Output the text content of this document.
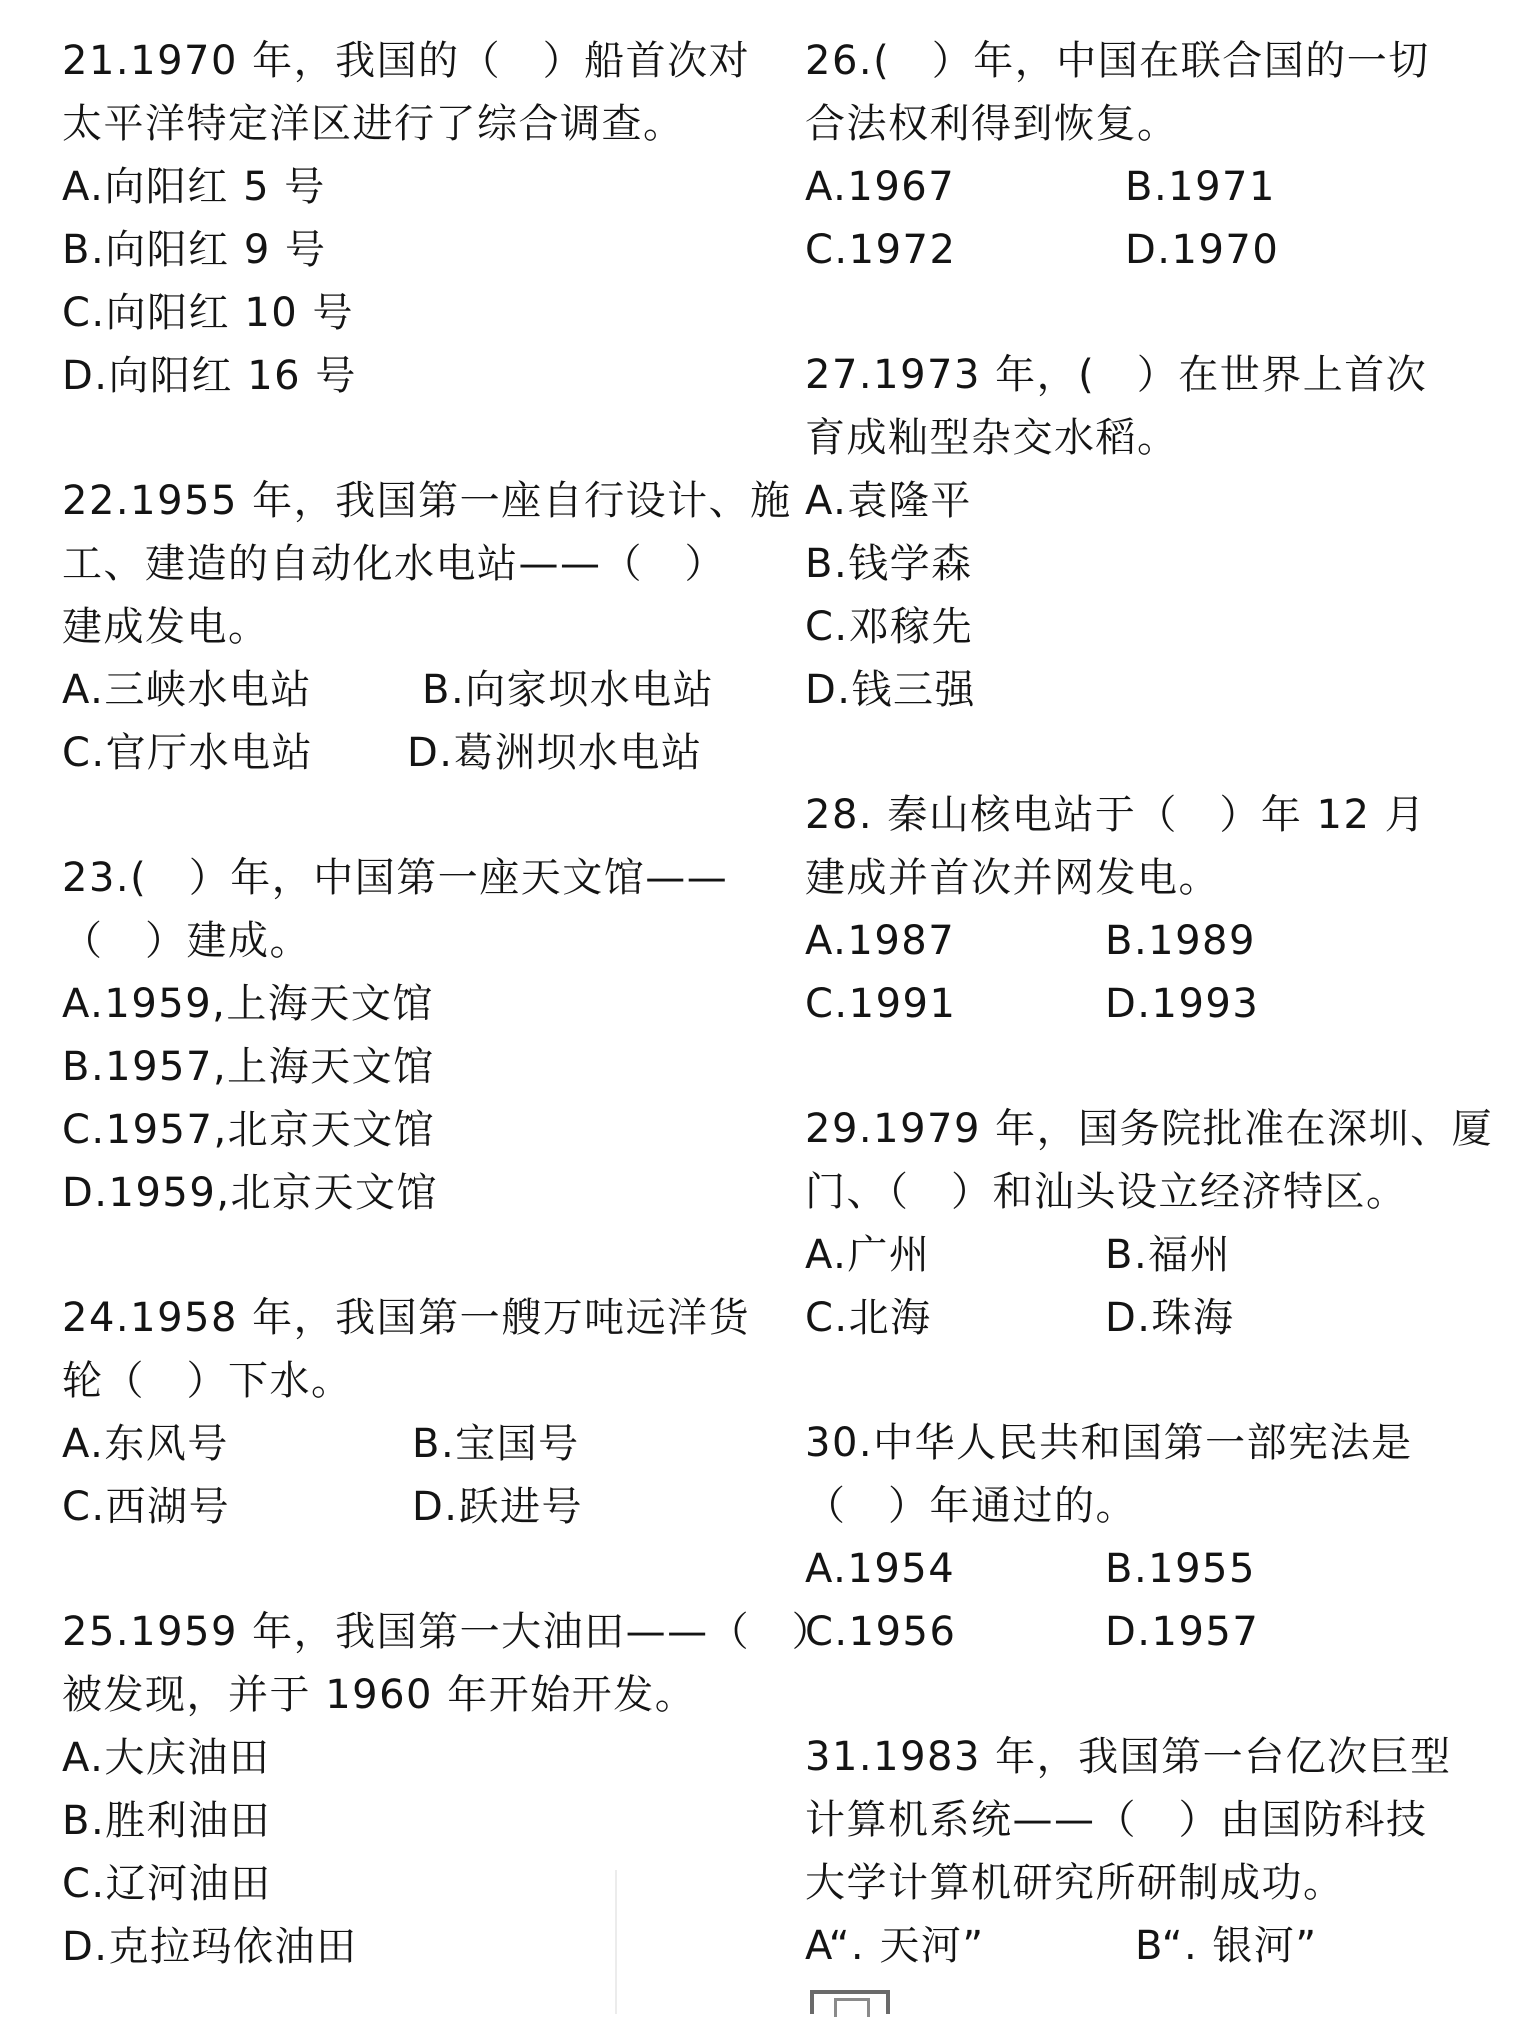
21.1970 年，我国的（　）船首次对
太平洋特定洋区进行了综合调查。
A.向阳红 5 号
B.向阳红 9 号
C.向阳红 10 号
D.向阳红 16 号
22.1955 年，我国第一座自行设计、施
工、建造的自动化水电站——（　）
建成发电。
A.三峡水电站	B.向家坝水电站
C.官厅水电站 D.葛洲坝水电站
23.(　）年，中国第一座天文馆——
（　）建成。
A.1959,上海天文馆
B.1957,上海天文馆
C.1957,北京天文馆
D.1959,北京天文馆
24.1958 年，我国第一艘万吨远洋货
轮（　）下水。
A.东风号	B.宝国号
C.西湖号	D.跃进号
25.1959 年，我国第一大油田——（　）
被发现，并于 1960 年开始开发。
A.大庆油田
B.胜利油田
C.辽河油田
D.克拉玛依油田
26.(　）年，中国在联合国的一切
合法权利得到恢复。
A.1967	B.1971
C.1972	D.1970
27.1973 年，(　）在世界上首次
育成籼型杂交水稻。
A.袁隆平
B.钱学森
C.邓稼先
D.钱三强
28. 秦山核电站于（　）年 12 月
建成并首次并网发电。
A.1987	B.1989
C.1991	D.1993
29.1979 年，国务院批准在深圳、厦
门、（　）和汕头设立经济特区。
A.广州	B.福州
C.北海	D.珠海
30.中华人民共和国第一部宪法是
（　）年通过的。
A.1954	B.1955
C.1956	D.1957
31.1983 年，我国第一台亿次巨型
计算机系统——（　）由国防科技
大学计算机研究所研制成功。
A“. 天河”	B“. 银河”
